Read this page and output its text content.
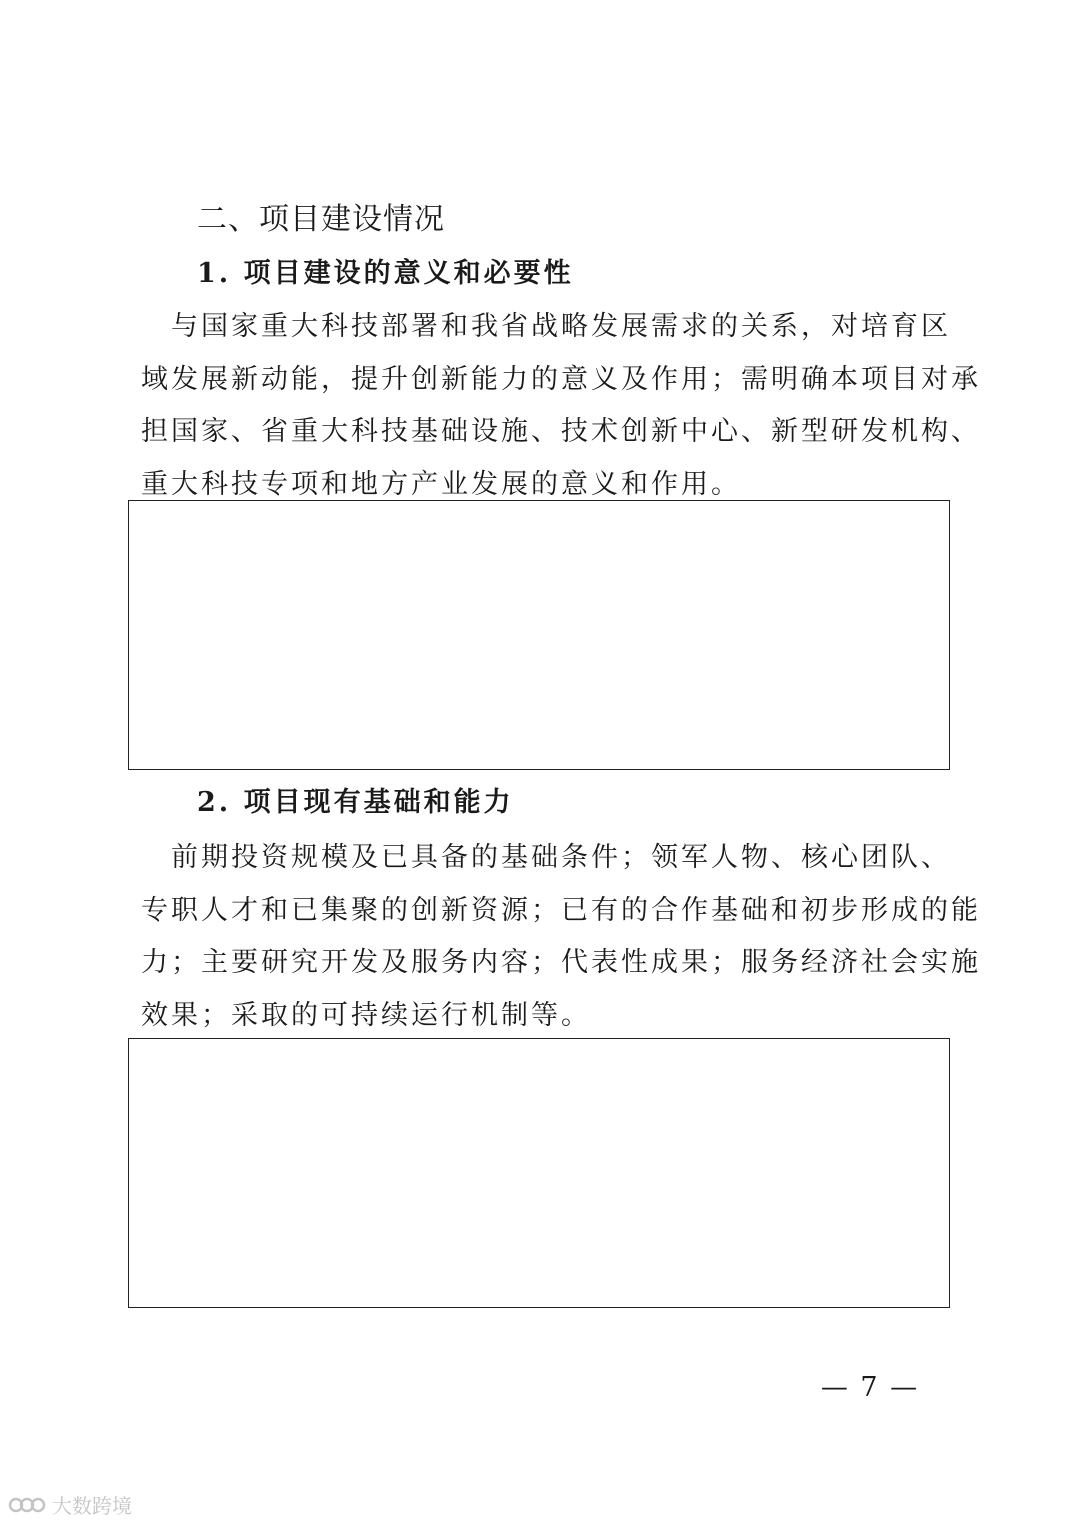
二、项目建设情况
1. 项目建设的意义和必要性
　与国家重大科技部署和我省战略发展需求的关系，对培育区
域发展新动能，提升创新能力的意义及作用；需明确本项目对承
担国家、省重大科技基础设施、技术创新中心、新型研发机构、
重大科技专项和地方产业发展的意义和作用。
2. 项目现有基础和能力
　前期投资规模及已具备的基础条件；领军人物、核心团队、
专职人才和已集聚的创新资源；已有的合作基础和初步形成的能
力；主要研究开发及服务内容；代表性成果；服务经济社会实施
效果；采取的可持续运行机制等。
— 7 —
大数跨境
